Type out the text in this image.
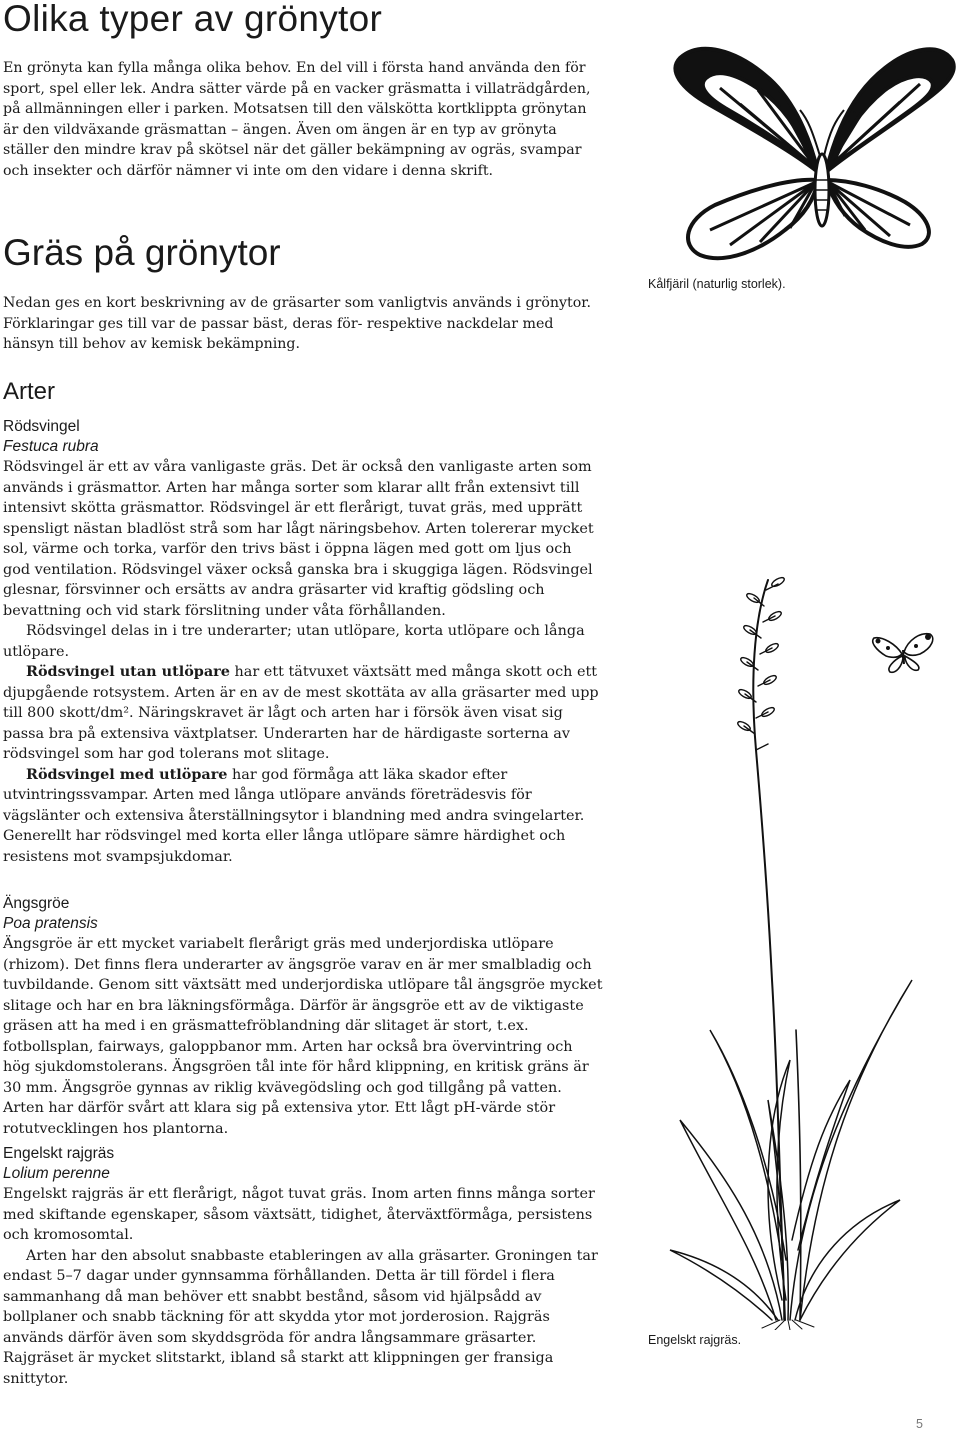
Olika typer av grönytor
En grönyta kan fylla många olika behov. En del vill i första hand använda den för sport, spel eller lek. Andra sätter värde på en vacker gräsmatta i villaträdgården, på allmänningen eller i parken. Motsatsen till den välskötta kortklippta grönytan är den vildväxande gräsmattan – ängen. Även om ängen är en typ av grönyta ställer den mindre krav på skötsel när det gäller bekämpning av ogräs, svampar och insekter och därför nämner vi inte om den vidare i denna skrift.
Gräs på grönytor
Nedan ges en kort beskrivning av de gräsarter som vanligtvis används i grönytor. Förklaringar ges till var de passar bäst, deras för- respektive nackdelar med hänsyn till behov av kemisk bekämpning.
Arter
Rödsvingel
Festuca rubra

Rödsvingel är ett av våra vanligaste gräs. Det är också den vanligaste arten som används i gräsmattor. Arten har många sorter som klarar allt från extensivt till intensivt skötta gräsmattor. Rödsvingel är ett flerårigt, tuvat gräs, med upprätt spensligt nästan bladlöst strå som har lågt näringsbehov. Arten tolererar mycket sol, värme och torka, varför den trivs bäst i öppna lägen med gott om ljus och god ventilation. Rödsvingel växer också ganska bra i skuggiga lägen. Rödsvingel glesnar, försvinner och ersätts av andra gräsarter vid kraftig gödsling och bevattning och vid stark förslitning under våta förhållanden.

Rödsvingel delas in i tre underarter; utan utlöpare, korta utlöpare och långa utlöpare.

Rödsvingel utan utlöpare har ett tätvuxet växtsätt med många skott och ett djupgående rotsystem. Arten är en av de mest skottäta av alla gräsarter med upp till 800 skott/dm². Näringskravet är lågt och arten har i försök även visat sig passa bra på extensiva växtplatser. Underarten har de härdigaste sorterna av rödsvingel som har god tolerans mot slitage.

Rödsvingel med utlöpare har god förmåga att läka skador efter utvintringssvampar. Arten med långa utlöpare används företrädesvis för vägslänter och extensiva återställningsytor i blandning med andra svingelarter. Generellt har rödsvingel med korta eller långa utlöpare sämre härdighet och resistens mot svampsjukdomar.

Ängsgröe
Poa pratensis

Ängsgröe är ett mycket variabelt flerårigt gräs med underjordiska utlöpare (rhizom). Det finns flera underarter av ängsgröe varav en är mer smalbladig och tuvbildande. Genom sitt växtsätt med underjordiska utlöpare tål ängsgröe mycket slitage och har en bra läkningsförmåga. Därför är ängsgröe ett av de viktigaste gräsen att ha med i en gräsmattefröblandning där slitaget är stort, t.ex. fotbollsplan, fairways, galoppbanor mm. Arten har också bra övervintring och hög sjukdomstolerans. Ängsgröen tål inte för hård klippning, en kritisk gräns är 30 mm. Ängsgröe gynnas av riklig kvävegödsling och god tillgång på vatten. Arten har därför svårt att klara sig på extensiva ytor. Ett lågt pH-värde stör rotutvecklingen hos plantorna.

Engelskt rajgräs
Lolium perenne

Engelskt rajgräs är ett flerårigt, något tuvat gräs. Inom arten finns många sorter med skiftande egenskaper, såsom växtsätt, tidighet, återväxtförmåga, persistens och kromosomtal.

Arten har den absolut snabbaste etableringen av alla gräsarter. Groningen tar endast 5–7 dagar under gynnsamma förhållanden. Detta är till fördel i flera sammanhang då man behöver ett snabbt bestånd, såsom vid hjälpsådd av bollplaner och snabb täckning för att skydda ytor mot jorderosion. Rajgräs används därför även som skyddsgröda för andra långsammare gräsarter. Rajgräset är mycket slitstarkt, ibland så starkt att klippningen ger fransiga snittytor.

Kålfjäril (naturlig storlek).
Engelskt rajgräs.
5
